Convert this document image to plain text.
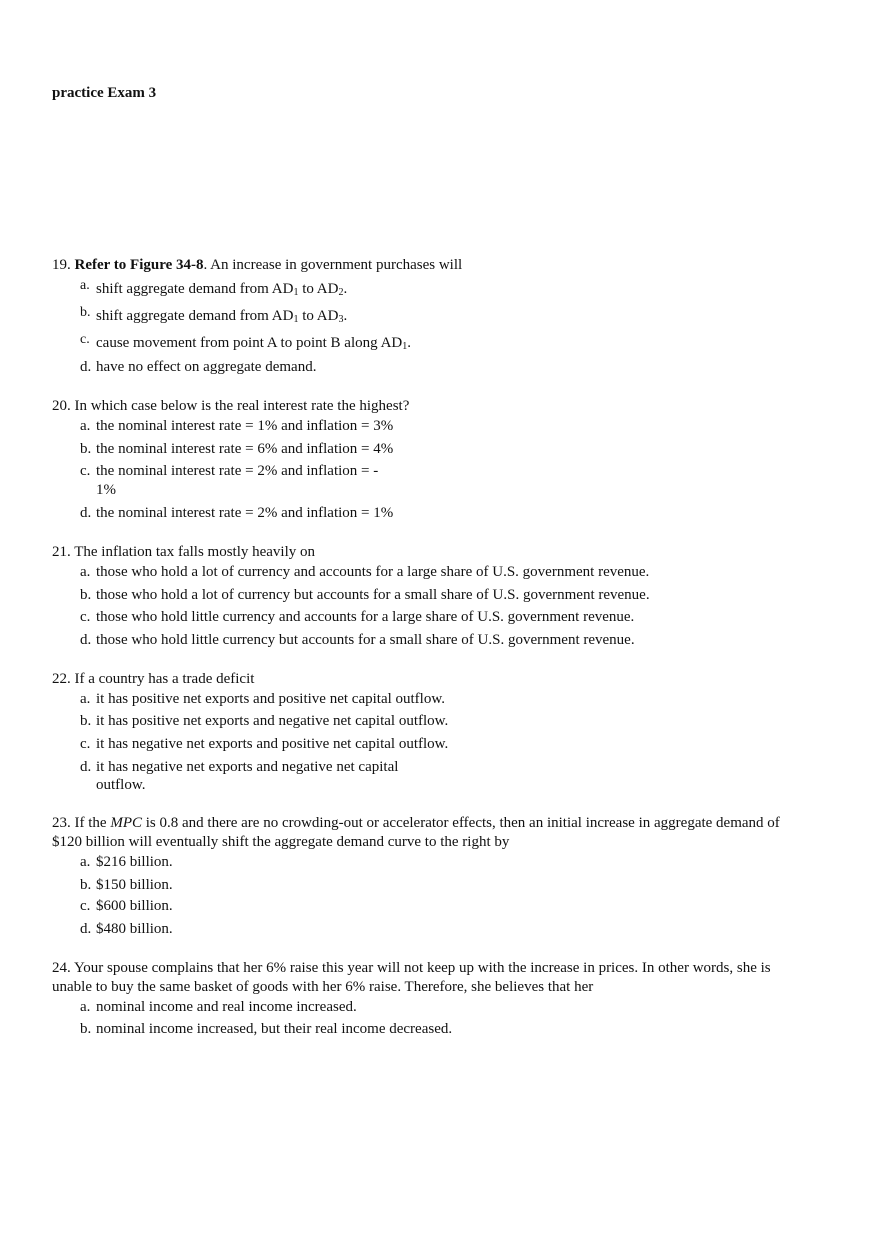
practice Exam 3
19. Refer to Figure 34-8. An increase in government purchases will
a. shift aggregate demand from $AD_1$ to $AD_2$.
b. shift aggregate demand from $AD_1$ to $AD_3$.
c. cause movement from point A to point B along $AD_1$.
d. have no effect on aggregate demand.
20. In which case below is the real interest rate the highest?
a. the nominal interest rate = 1% and inflation = 3%
b. the nominal interest rate = 6% and inflation = 4%
c. the nominal interest rate = 2% and inflation = -
1%
d. the nominal interest rate = 2% and inflation = 1%
21. The inflation tax falls mostly heavily on
a. those who hold a lot of currency and accounts for a large share of U.S. government revenue.
b. those who hold a lot of currency but accounts for a small share of U.S. government revenue.
c. those who hold little currency and accounts for a large share of U.S. government revenue.
d. those who hold little currency but accounts for a small share of U.S. government revenue.
22. If a country has a trade deficit
a. it has positive net exports and positive net capital outflow.
b. it has positive net exports and negative net capital outflow.
c. it has negative net exports and positive net capital outflow.
d. it has negative net exports and negative net capital
outflow.
23. If the MPC is 0.8 and there are no crowding-out or accelerator effects, then an initial increase in aggregate demand of
$120 billion will eventually shift the aggregate demand curve to the right by
a. $216 billion.
b. $150 billion.
c. $600 billion.
d. $480 billion.
24. Your spouse complains that her 6% raise this year will not keep up with the increase in prices. In other words, she is
unable to buy the same basket of goods with her 6% raise. Therefore, she believes that her
a. nominal income and real income increased.
b. nominal income increased, but their real income decreased.
